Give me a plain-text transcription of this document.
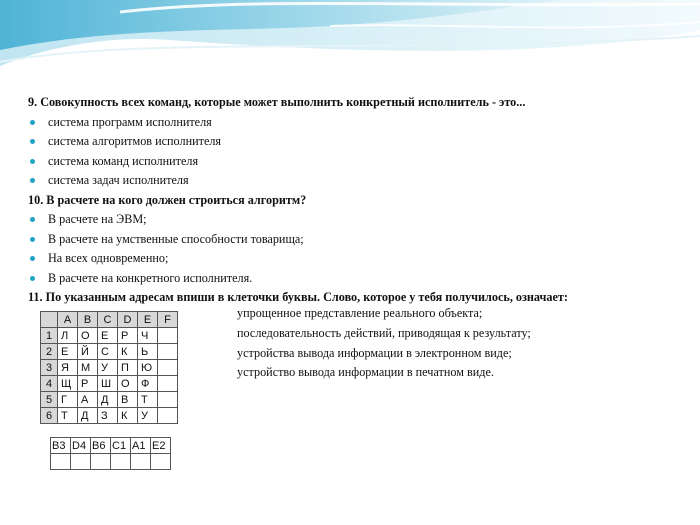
9. Совокупность всех команд, которые может выполнить конкретный исполнитель - это...
система программ исполнителя
система алгоритмов исполнителя
система команд исполнителя
система задач исполнителя
10. В расчете на кого должен строиться алгоритм?
В расчете на ЭВМ;
В расчете на умственные способности товарища;
На всех одновременно;
В расчете на конкретного исполнителя.
11. По указанным адресам впиши в клеточки буквы. Слово, которое у тебя получилось, означает:
упрощенное представление реального объекта;
последовательность действий, приводящая к результату;
устройства вывода информации в электронном виде;
устройство вывода информации в печатном виде.
	A	B	C	D	E	F
1	Л	О	Е	Р	Ч	
2	Е	Й	С	К	Ь	
3	Я	М	У	П	Ю	
4	Щ	Р	Ш	О	Ф	
5	Г	А	Д	В	Т	
6	Т	Д	З	К	У	
B3	D4	B6	C1	A1	E2
